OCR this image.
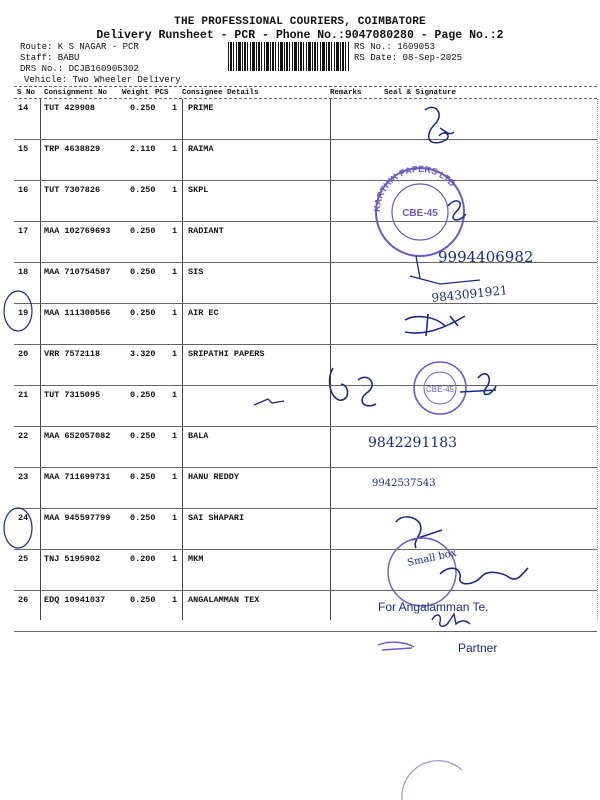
THE PROFESSIONAL COURIERS, COIMBATORE
Delivery Runsheet - PCR - Phone No.:9047080280 - Page No.:2
Route: K S NAGAR - PCR
Staff: BABU
DRS No.: DCJB160905302
Vehicle: Two Wheeler Delivery
RS No.: 1609053
RS Date: 08-Sep-2025
S No Consignment No Weight PCS Consignee Details	Remarks	Seal & Signature
14 TUT 429908	0.250 1 PRIME
15 TRP 4638829	2.110 1 RAIMA
16 TUT 7307826	0.250 1 SKPL
17 MAA 102769693 0.250 1 RADIANT
18 MAA 710754587 0.250 1 SIS
19 MAA 111300566 0.250 1 AIR EC
20 VRR 7572118	3.320 1 SRIPATHI PAPERS
21 TUT 7315095	0.250 1
22 MAA 652057082 0.250 1 BALA
23 MAA 711699731 0.250 1 HANU REDDY
24 MAA 945597799 0.250 1 SAI SHAPARI
25 TNJ 5195902	0.200 1 MKM
26 EDQ 10941037	0.250 1 ANGALAMMAN TEX
KARTHIK PAPERS LTD
CBE-45
9994406982
9843091921
CBE-45
9842291183
9942537543
Small box
For Angalamman Te.
Partner
